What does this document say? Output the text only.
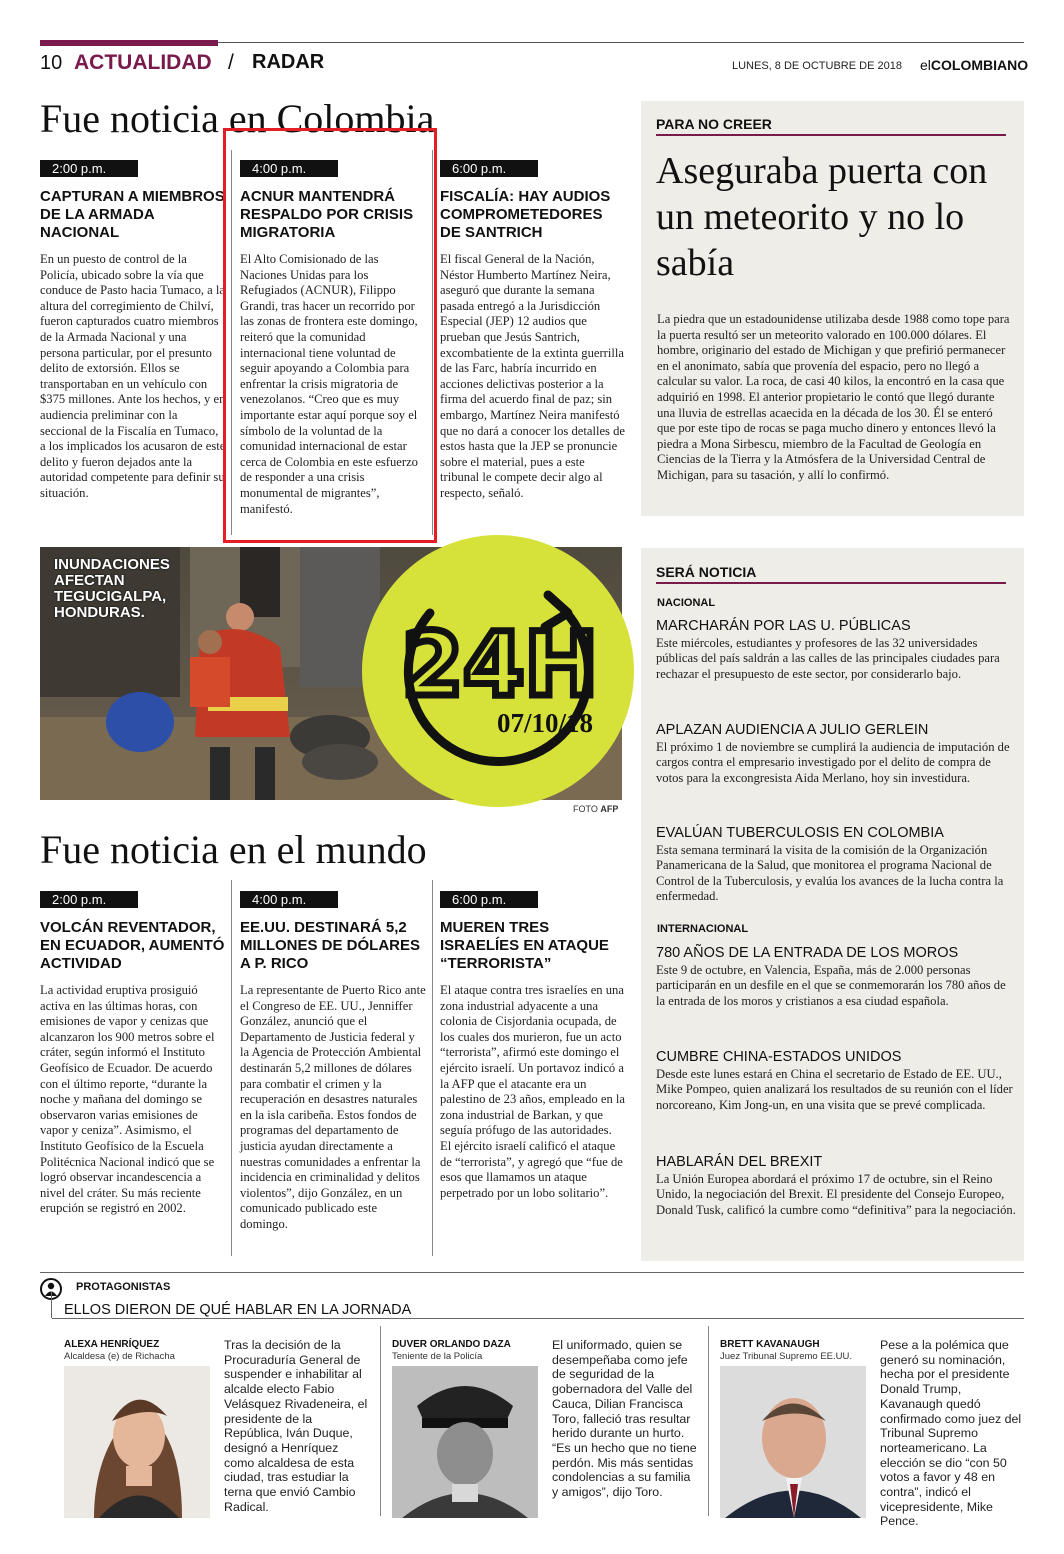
10 ACTUALIDAD / RADAR	LUNES, 8 DE OCTUBRE DE 2018 elCOLOMBIANO
Fue noticia en Colombia
2:00 p.m.
CAPTURAN A MIEMBROS DE LA ARMADA NACIONAL
En un puesto de control de la Policía, ubicado sobre la vía que conduce de Pasto hacia Tumaco, a la altura del corregimiento de Chilví, fueron capturados cuatro miembros de la Armada Nacional y una persona particular, por el presunto delito de extorsión. Ellos se transportaban en un vehículo con $375 millones. Ante los hechos, y en audiencia preliminar con la seccional de la Fiscalía en Tumaco, a los implicados los acusaron de este delito y fueron dejados ante la autoridad competente para definir su situación.
4:00 p.m.
ACNUR MANTENDRÁ RESPALDO POR CRISIS MIGRATORIA
El Alto Comisionado de las Naciones Unidas para los Refugiados (ACNUR), Filippo Grandi, tras hacer un recorrido por las zonas de frontera este domingo, reiteró que la comunidad internacional tiene voluntad de seguir apoyando a Colombia para enfrentar la crisis migratoria de venezolanos. “Creo que es muy importante estar aquí porque soy el símbolo de la voluntad de la comunidad internacional de estar cerca de Colombia en este esfuerzo de responder a una crisis monumental de migrantes”, manifestó.
6:00 p.m.
FISCALÍA: HAY AUDIOS COMPROMETEDORES DE SANTRICH
El fiscal General de la Nación, Néstor Humberto Martínez Neira, aseguró que durante la semana pasada entregó a la Jurisdicción Especial (JEP) 12 audios que prueban que Jesús Santrich, excombatiente de la extinta guerrilla de las Farc, habría incurrido en acciones delictivas posterior a la firma del acuerdo final de paz; sin embargo, Martínez Neira manifestó que no dará a conocer los detalles de estos hasta que la JEP se pronuncie sobre el material, pues a este tribunal le compete decir algo al respecto, señaló.
PARA NO CREER
Aseguraba puerta con un meteorito y no lo sabía
La piedra que un estadounidense utilizaba desde 1988 como tope para la puerta resultó ser un meteorito valorado en 100.000 dólares. El hombre, originario del estado de Michigan y que prefirió permanecer en el anonimato, sabía que provenía del espacio, pero no llegó a calcular su valor. La roca, de casi 40 kilos, la encontró en la casa que adquirió en 1998. El anterior propietario le contó que llegó durante una lluvia de estrellas acaecida en la década de los 30. Él se enteró que por este tipo de rocas se paga mucho dinero y entonces llevó la piedra a Mona Sirbescu, miembro de la Facultad de Geología en Ciencias de la Tierra y la Atmósfera de la Universidad Central de Michigan, para su tasación, y allí lo confirmó.
INUNDACIONES
AFECTAN
TEGUCIGALPA,
HONDURAS.
FOTO AFP
24H
07/10/18
Fue noticia en el mundo
2:00 p.m.
VOLCÁN REVENTADOR, EN ECUADOR, AUMENTÓ ACTIVIDAD
La actividad eruptiva prosiguió activa en las últimas horas, con emisiones de vapor y cenizas que alcanzaron los 900 metros sobre el cráter, según informó el Instituto Geofísico de Ecuador. De acuerdo con el último reporte, “durante la noche y mañana del domingo se observaron varias emisiones de vapor y ceniza”. Asimismo, el Instituto Geofísico de la Escuela Politécnica Nacional indicó que se logró observar incandescencia a nivel del cráter. Su más reciente erupción se registró en 2002.
4:00 p.m.
EE.UU. DESTINARÁ 5,2 MILLONES DE DÓLARES A P. RICO
La representante de Puerto Rico ante el Congreso de EE. UU., Jenniffer González, anunció que el Departamento de Justicia federal y la Agencia de Protección Ambiental destinarán 5,2 millones de dólares para combatir el crimen y la recuperación en desastres naturales en la isla caribeña. Estos fondos de programas del departamento de justicia ayudan directamente a nuestras comunidades a enfrentar la incidencia en criminalidad y delitos violentos”, dijo González, en un comunicado publicado este domingo.
6:00 p.m.
MUEREN TRES ISRAELÍES EN ATAQUE “TERRORISTA”
El ataque contra tres israelíes en una zona industrial adyacente a una colonia de Cisjordania ocupada, de los cuales dos murieron, fue un acto “terrorista”, afirmó este domingo el ejército israelí. Un portavoz indicó a la AFP que el atacante era un palestino de 23 años, empleado en la zona industrial de Barkan, y que seguía prófugo de las autoridades. El ejército israelí calificó el ataque de “terrorista”, y agregó que “fue de esos que llamamos un ataque perpetrado por un lobo solitario”.
SERÁ NOTICIA
NACIONAL
MARCHARÁN POR LAS U. PÚBLICAS
Este miércoles, estudiantes y profesores de las 32 universidades públicas del país saldrán a las calles de las principales ciudades para rechazar el presupuesto de este sector, por considerarlo bajo.
APLAZAN AUDIENCIA A JULIO GERLEIN
El próximo 1 de noviembre se cumplirá la audiencia de imputación de cargos contra el empresario investigado por el delito de compra de votos para la excongresista Aida Merlano, hoy sin investidura.
EVALÚAN TUBERCULOSIS EN COLOMBIA
Esta semana terminará la visita de la comisión de la Organización Panamericana de la Salud, que monitorea el programa Nacional de Control de la Tuberculosis, y evalúa los avances de la lucha contra la enfermedad.
INTERNACIONAL
780 AÑOS DE LA ENTRADA DE LOS MOROS
Este 9 de octubre, en Valencia, España, más de 2.000 personas participarán en un desfile en el que se conmemorarán los 780 años de la entrada de los moros y cristianos a esa ciudad española.
CUMBRE CHINA-ESTADOS UNIDOS
Desde este lunes estará en China el secretario de Estado de EE. UU., Mike Pompeo, quien analizará los resultados de su reunión con el líder norcoreano, Kim Jong-un, en una visita que se prevé complicada.
HABLARÁN DEL BREXIT
La Unión Europea abordará el próximo 17 de octubre, sin el Reino Unido, la negociación del Brexit. El presidente del Consejo Europeo, Donald Tusk, calificó la cumbre como “definitiva” para la negociación.
PROTAGONISTAS
ELLOS DIERON DE QUÉ HABLAR EN LA JORNADA
ALEXA HENRÍQUEZ
Alcaldesa (e) de Richacha
Tras la decisión de la Procuraduría General de suspender e inhabilitar al alcalde electo Fabio Velásquez Rivadeneira, el presidente de la República, Iván Duque, designó a Henríquez como alcaldesa de esta ciudad, tras estudiar la terna que envió Cambio Radical.
DUVER ORLANDO DAZA
Teniente de la Policía
El uniformado, quien se desempeñaba como jefe de seguridad de la gobernadora del Valle del Cauca, Dilian Francisca Toro, falleció tras resultar herido durante un hurto. “Es un hecho que no tiene perdón. Mis más sentidas condolencias a su familia y amigos”, dijo Toro.
BRETT KAVANAUGH
Juez Tribunal Supremo EE.UU.
Pese a la polémica que generó su nominación, hecha por el presidente Donald Trump, Kavanaugh quedó confirmado como juez del Tribunal Supremo norteamericano. La elección se dio “con 50 votos a favor y 48 en contra”, indicó el vicepresidente, Mike Pence.
